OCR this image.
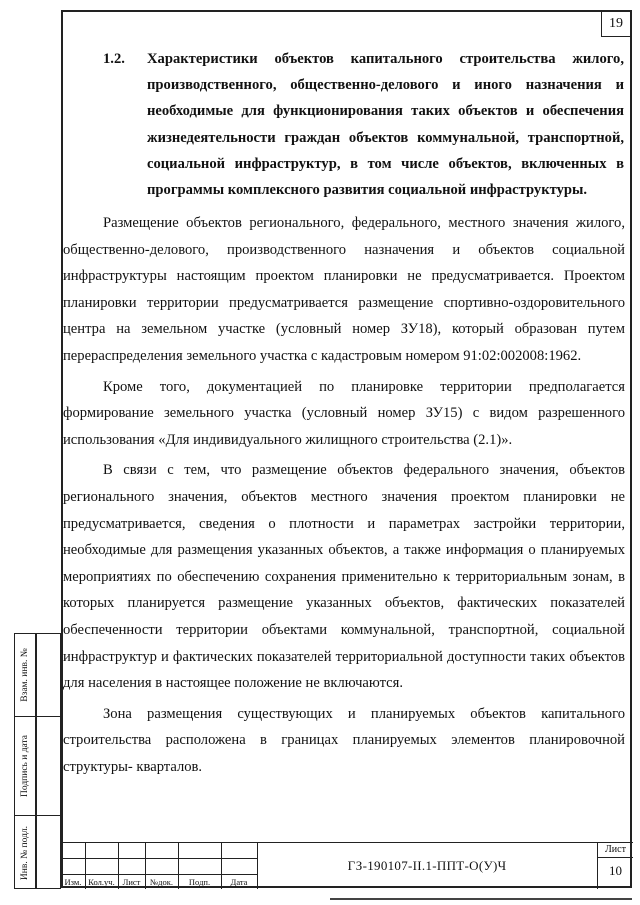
19
1.2. Характеристики объектов капитального строительства жилого, производственного, общественно-делового и иного назначения и необходимые для функционирования таких объектов и обеспечения жизнедеятельности граждан объектов коммунальной, транспортной, социальной инфраструктур, в том числе объектов, включенных в программы комплексного развития социальной инфраструктуры.

Размещение объектов регионального, федерального, местного значения жилого, общественно-делового, производственного назначения и объектов социальной инфраструктуры настоящим проектом планировки не предусматривается. Проектом планировки территории предусматривается размещение спортивно-оздоровительного центра на земельном участке (условный номер ЗУ18), который образован путем перераспределения земельного участка с кадастровым номером 91:02:002008:1962.

Кроме того, документацией по планировке территории предполагается формирование земельного участка (условный номер ЗУ15) с видом разрешенного использования «Для индивидуального жилищного строительства (2.1)».

В связи с тем, что размещение объектов федерального значения, объектов регионального значения, объектов местного значения проектом планировки не предусматривается, сведения о плотности и параметрах застройки территории, необходимые для размещения указанных объектов, а также информация о планируемых мероприятиях по обеспечению сохранения применительно к территориальным зонам, в которых планируется размещение указанных объектов, фактических показателей обеспеченности территории объектами коммунальной, транспортной, социальной инфраструктур и фактических показателей территориальной доступности таких объектов для населения в настоящее положение не включаются.

Зона размещения существующих и планируемых объектов капитального строительства расположена в границах планируемых элементов планировочной структуры- кварталов.

Взам. инв. №
Подпись и дата
Инв. № подл.
Изм. Кол.уч. Лист	№док.	Подп.	Дата
ГЗ-190107-II.1-ППТ-О(У)Ч
Лист
10
